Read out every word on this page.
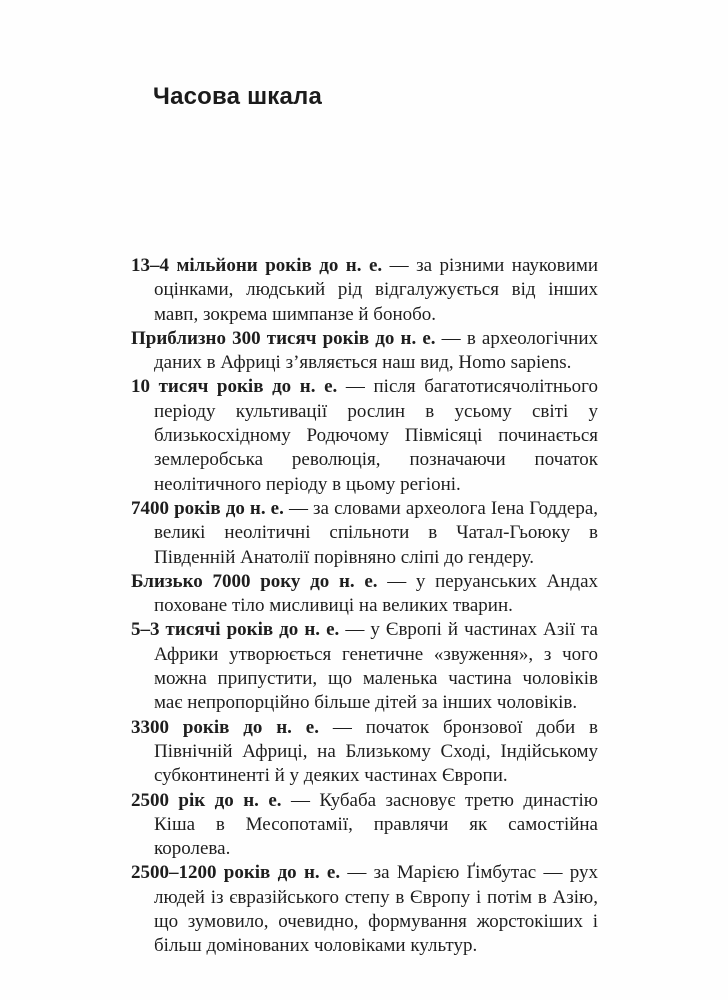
Часова шкала

13–4 мільйони років до н. е. — за різними науковими оцінками, людський рід відгалужується від інших мавп, зокрема шимпанзе й бонобо.

Приблизно 300 тисяч років до н. е. — в археологічних даних в Африці з’являється наш вид, Homo sapiens.

10 тисяч років до н. е. — після багатотисячолітнього періоду культивації рослин в усьому світі у близькосхідному Родючому Півмісяці починається землеробська революція, позначаючи початок неолітичного періоду в цьому регіоні.

7400 років до н. е. — за словами археолога Іена Годдера, великі неолітичні спільноти в Чатал-Гьоюку в Південній Анатолії порівняно сліпі до гендеру.

Близько 7000 року до н. е. — у перуанських Андах поховане тіло мисливиці на великих тварин.

5–3 тисячі років до н. е. — у Європі й частинах Азії та Африки утворюється генетичне «звуження», з чого можна припустити, що маленька частина чоловіків має непропорційно більше дітей за інших чоловіків.

3300 років до н. е. — початок бронзової доби в Північній Африці, на Близькому Сході, Індійському субконтиненті й у деяких частинах Європи.

2500 рік до н. е. — Кубаба засновує третю династію Кіша в Месопотамії, правлячи як самостійна королева.

2500–1200 років до н. е. — за Марією Ґімбутас — рух людей із євразійського степу в Європу і потім в Азію, що зумовило, очевидно, формування жорстокіших і більш домінованих чоловіками культур.
